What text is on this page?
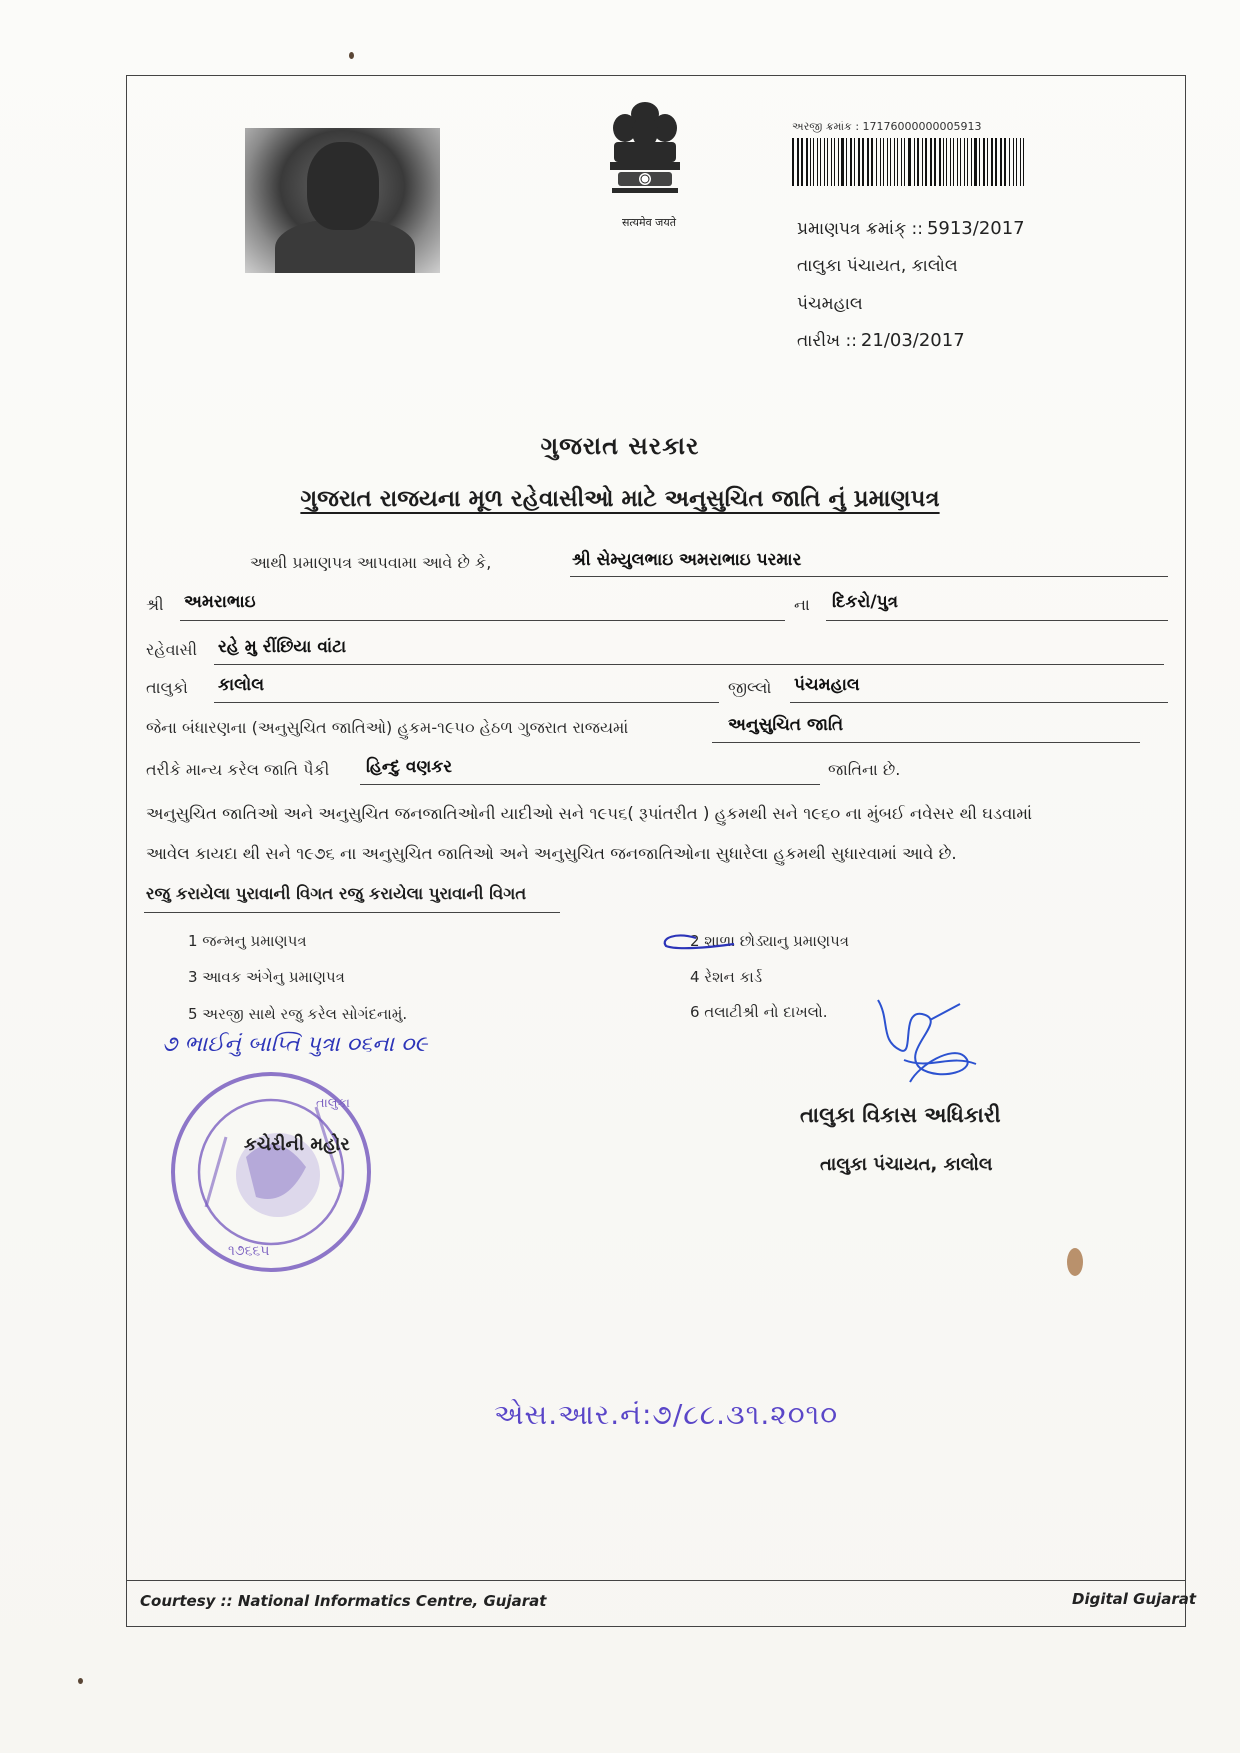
सत्यमेव जयते
અરજી ક્રમાંક : 17176000000005913
પ્રમાણપત્ર ક્રમાંક્ :: 5913/2017
તાલુકા પંચાયત, કાલોલ
પંચમહાલ
તારીખ :: 21/03/2017
ગુજરાત સરકાર
ગુજરાત રાજયના મૂળ રહેવાસીઓ માટે અનુસુચિત જાતિ નું પ્રમાણપત્ર
આથી પ્રમાણપત્ર આપવામા આવે છે કે,	શ્રી સેમ્યુલભાઇ અમરાભાઇ પરમાર
શ્રી અમરાભાઇ	ના દિકરો/પુત્ર
રહેવાસી રહે મુ રીંછિયા વાંટા
તાલુકો કાલોલ	જીલ્લો પંચમહાલ
જેના બંધારણના (અનુસુચિત જાતિઓ) હુકમ-૧૯૫૦ હેઠળ ગુજરાત રાજયમાં	અનુસુચિત જાતિ
તરીકે માન્ય કરેલ જાતિ પૈકી હિન્દુ વણકર	જાતિના છે.
અનુસુચિત જાતિઓ અને અનુસુચિત જનજાતિઓની યાદીઓ સને ૧૯૫૬( રૂપાંતરીત ) હુકમથી સને ૧૯૬૦ ના મુંબઈ નવેસર થી ઘડવામાં
આવેલ કાયદા થી સને ૧૯૭૬ ના અનુસુચિત જાતિઓ અને અનુસુચિત જનજાતિઓના સુધારેલા હુકમથી સુધારવામાં આવે છે.
રજુ કરાયેલા પુરાવાની વિગત રજુ કરાયેલા પુરાવાની વિગત
1 જન્મનુ પ્રમાણપત્ર	2 શાળા છોડ્યાનુ પ્રમાણપત્ર
3 આવક અંગેનુ પ્રમાણપત્ર	4 રેશન કાર્ડ
5 અરજી સાથે રજુ કરેલ સોગંદનામું.	6 તલાટીશ્રી નો દાખલો.
૭ ભાઈનું બાપ્તિ પુત્રા ૦૬ના ૦૯
તાલુકા
૧૭૬૬૫
કચેરીની મહોર
તાલુકા વિકાસ અધિકારી
તાલુકા પંચાયત, કાલોલ
એસ.આર.નં:૭/૮૮.૩૧.૨૦૧૦
Courtesy :: National Informatics Centre, Gujarat	Digital Gujarat
